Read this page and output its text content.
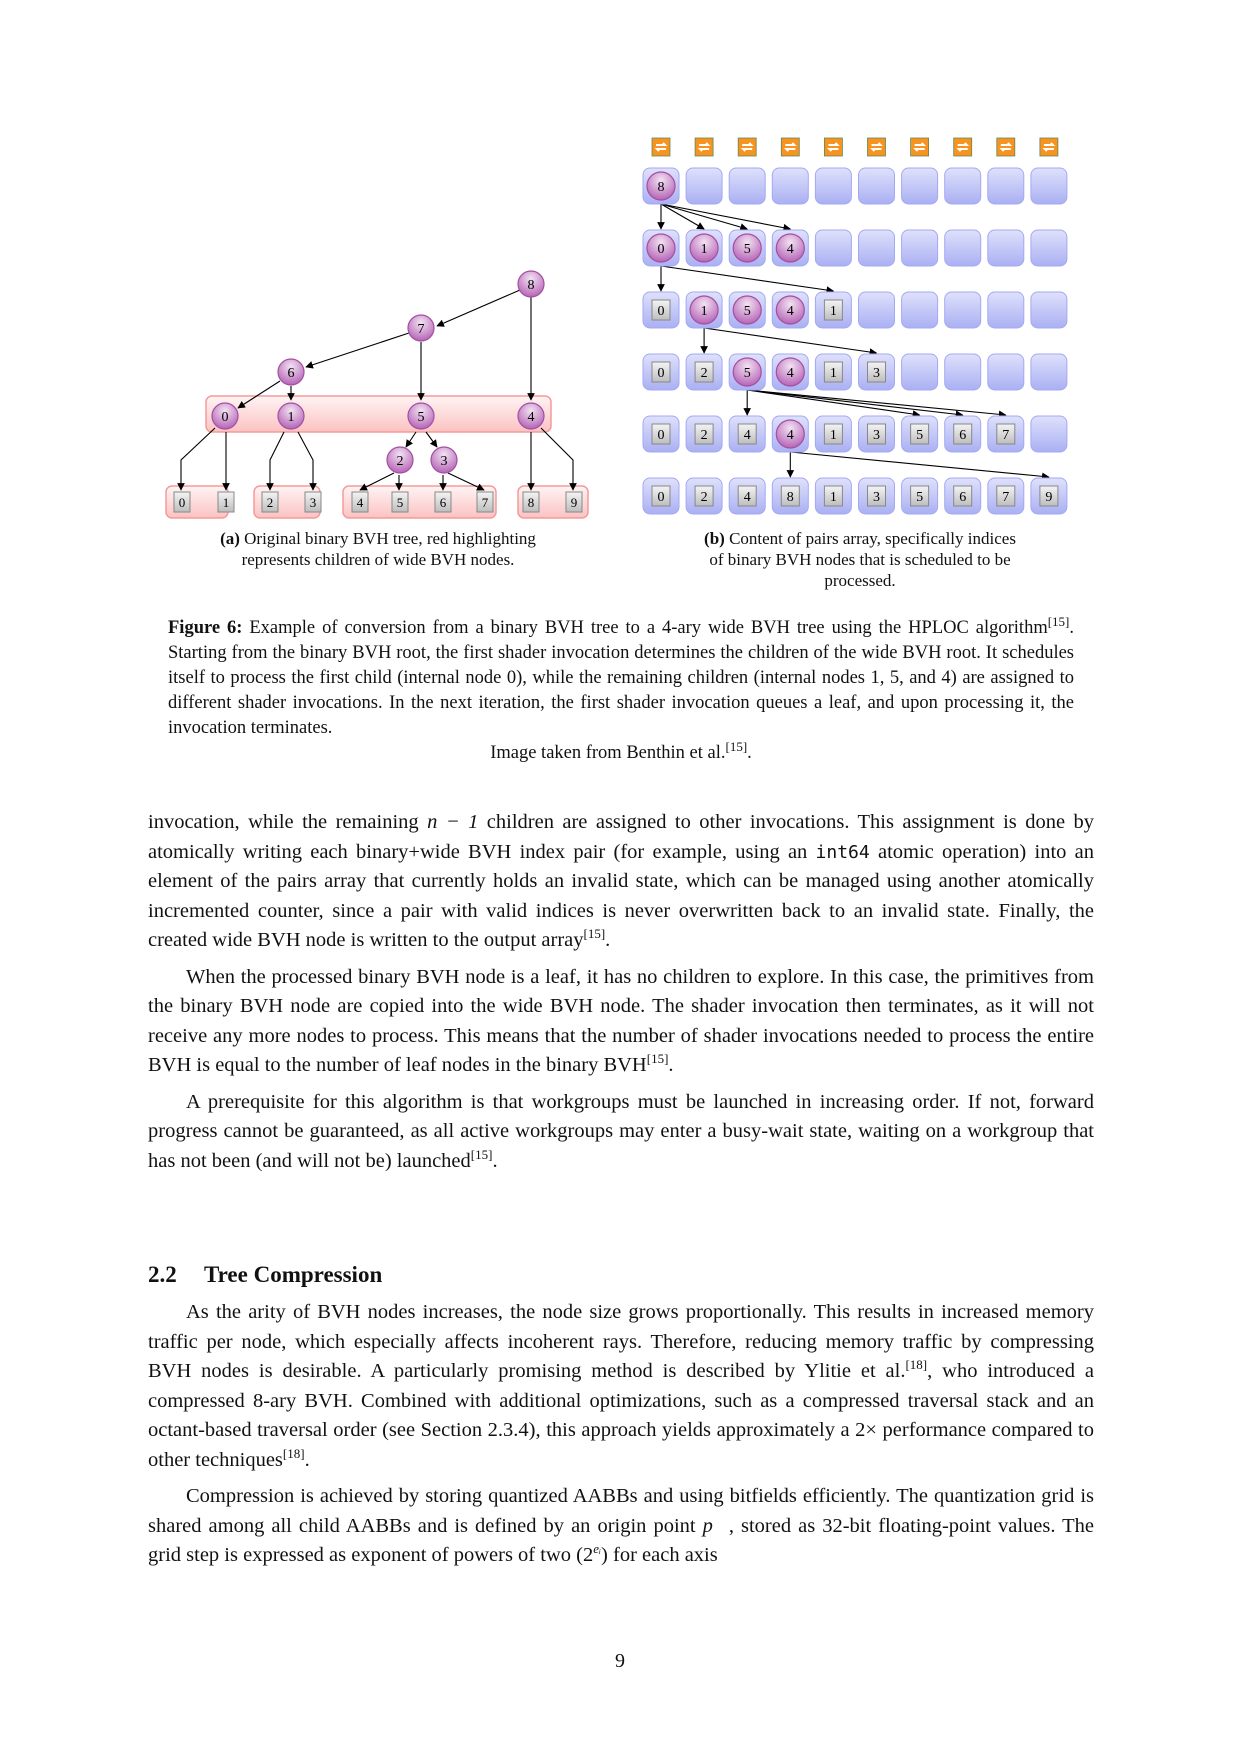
8
7
6
0	1	5	4
2	3
0	1	2	3	4	5	6	7	8	9
8
0	1	5	4
0	1	5	4	1
0	2	5	4	1	3
0	2	4	4	1	3	5	6	7
0	2	4	8	1	3	5	6	7	9
(a) Original binary BVH tree, red highlighting
represents children of wide BVH nodes.
(b) Content of pairs array, specifically indices
of binary BVH nodes that is scheduled to be
processed.
Figure 6: Example of conversion from a binary BVH tree to a 4-ary wide BVH tree using the HPLOC algorithm[15]. Starting from the binary BVH root, the first shader invocation determines the children of the wide BVH root. It schedules itself to process the first child (internal node 0), while the remaining children (internal nodes 1, 5, and 4) are assigned to different shader invocations. In the next iteration, the first shader invocation queues a leaf, and upon processing it, the invocation terminates.
Image taken from Benthin et al.[15].

invocation, while the remaining n − 1 children are assigned to other invocations. This assignment is done by atomically writing each binary+wide BVH index pair (for example, using an int64 atomic operation) into an element of the pairs array that currently holds an invalid state, which can be managed using another atomically incremented counter, since a pair with valid indices is never overwritten back to an invalid state. Finally, the created wide BVH node is written to the output array[15].

When the processed binary BVH node is a leaf, it has no children to explore. In this case, the primitives from the binary BVH node are copied into the wide BVH node. The shader invocation then terminates, as it will not receive any more nodes to process. This means that the number of shader invocations needed to process the entire BVH is equal to the number of leaf nodes in the binary BVH[15].

A prerequisite for this algorithm is that workgroups must be launched in increasing order. If not, forward progress cannot be guaranteed, as all active workgroups may enter a busy-wait state, waiting on a workgroup that has not been (and will not be) launched[15].

2.2 Tree Compression

As the arity of BVH nodes increases, the node size grows proportionally. This results in increased memory traffic per node, which especially affects incoherent rays. Therefore, reducing memory traffic by compressing BVH nodes is desirable. A particularly promising method is described by Ylitie et al.[18], who introduced a compressed 8-ary BVH. Combined with additional optimizations, such as a compressed traversal stack and an octant-based traversal order (see Section 2.3.4), this approach yields approximately a 2× performance compared to other techniques[18].

Compression is achieved by storing quantized AABBs and using bitfields efficiently. The quantization grid is shared among all child AABBs and is defined by an origin point p⃗, stored as 32-bit floating-point values. The grid step is expressed as exponent of powers of two $(2^{eᵢ})$ for each axis

9
